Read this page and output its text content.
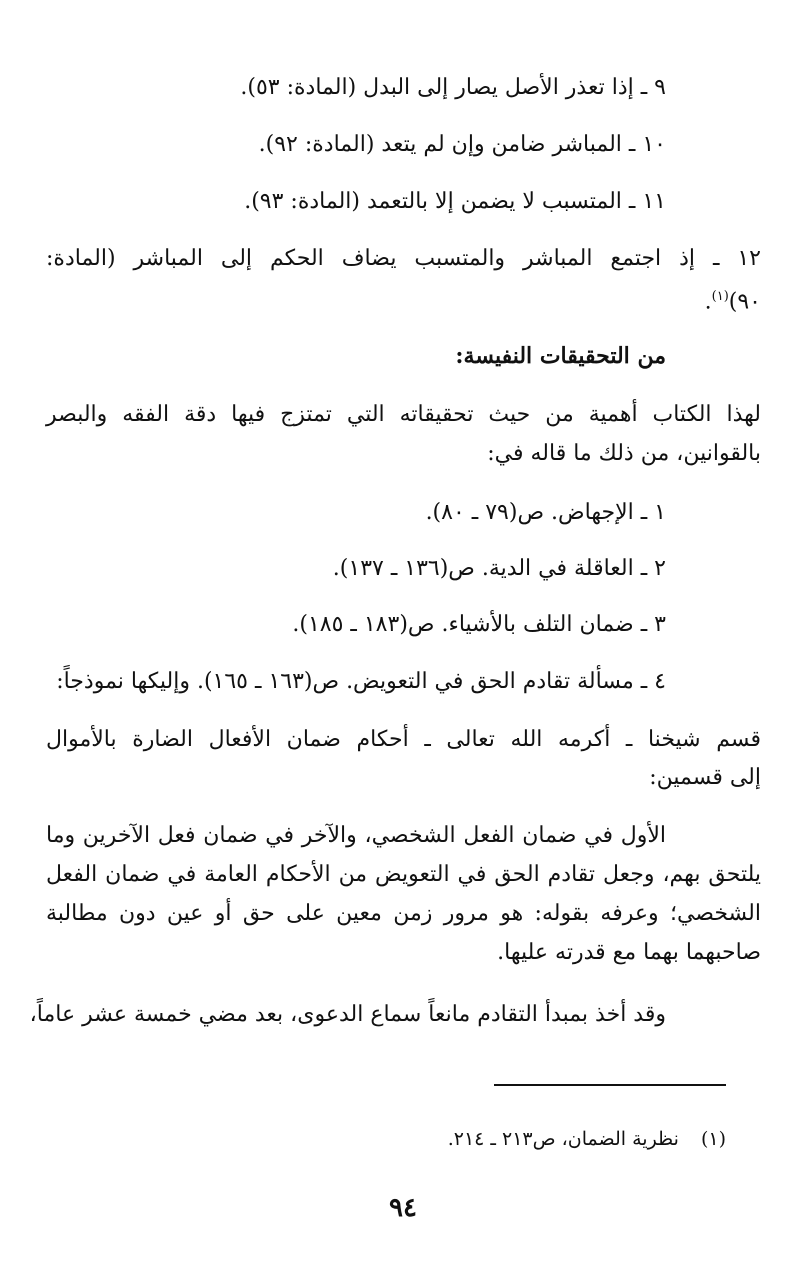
٩ ـ إذا تعذر الأصل يصار إلى البدل (المادة: ٥٣).
١٠ ـ المباشر ضامن وإن لم يتعد (المادة: ٩٢).
١١ ـ المتسبب لا يضمن إلا بالتعمد (المادة: ٩٣).
١٢ ـ إذ اجتمع المباشر والمتسبب يضاف الحكم إلى المباشر (المادة:
٩٠)$^{(١)}$.
من التحقيقات النفيسة:
لهذا الكتاب أهمية من حيث تحقيقاته التي تمتزج فيها دقة الفقه والبصر
بالقوانين، من ذلك ما قاله في:
١ ـ الإجهاض. ص(٧٩ ـ ٨٠).
٢ ـ العاقلة في الدية. ص(١٣٦ ـ ١٣٧).
٣ ـ ضمان التلف بالأشياء. ص(١٨٣ ـ ١٨٥).
٤ ـ مسألة تقادم الحق في التعويض. ص(١٦٣ ـ ١٦٥). وإليكها نموذجاً:
قسم شيخنا ـ أكرمه الله تعالى ـ أحكام ضمان الأفعال الضارة بالأموال
إلى قسمين:
الأول في ضمان الفعل الشخصي، والآخر في ضمان فعل الآخرين وما
يلتحق بهم، وجعل تقادم الحق في التعويض من الأحكام العامة في ضمان الفعل
الشخصي؛ وعرفه بقوله: هو مرور زمن معين على حق أو عين دون مطالبة
صاحبهما بهما مع قدرته عليها.
وقد أخذ بمبدأ التقادم مانعاً سماع الدعوى، بعد مضي خمسة عشر عاماً،
(١)نظرية الضمان، ص٢١٣ ـ ٢١٤.
٩٤
